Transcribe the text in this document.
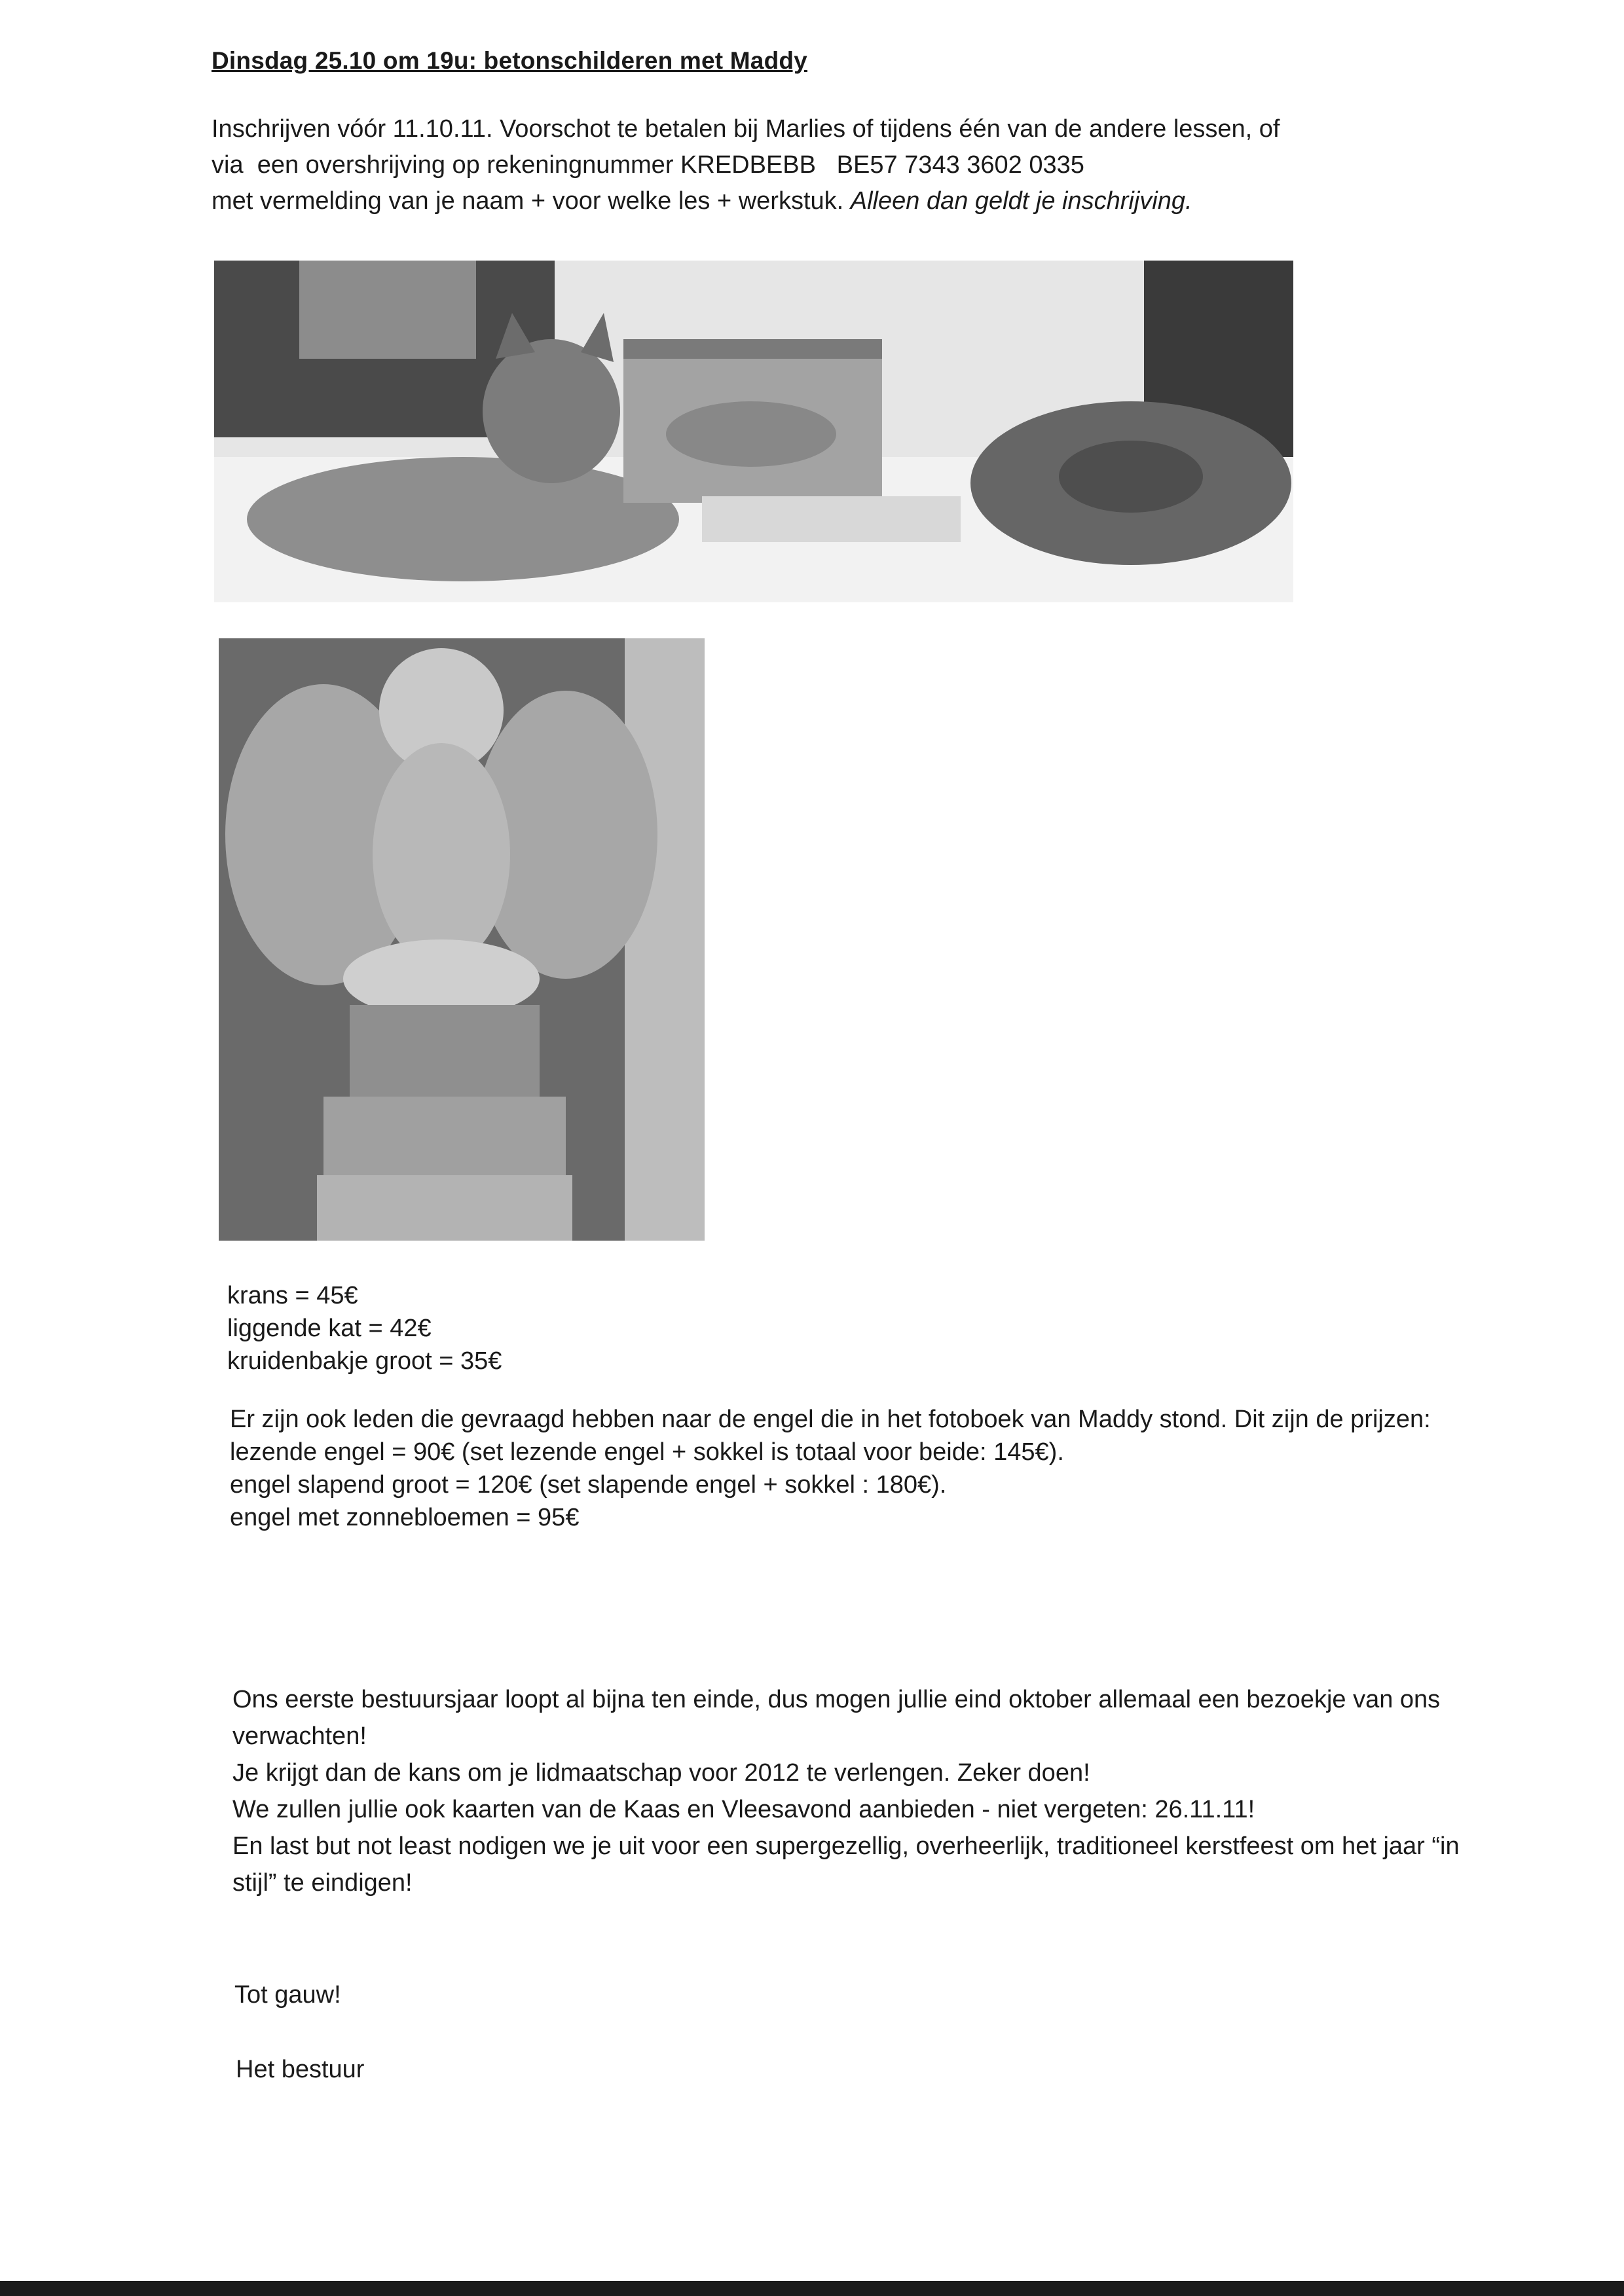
Dinsdag 25.10 om 19u: betonschilderen met Maddy

Inschrijven vóór 11.10.11. Voorschot te betalen bij Marlies of tijdens één van de andere lessen, of
via  een overshrijving op rekeningnummer KREDBEBB   BE57 7343 3602 0335
met vermelding van je naam + voor welke les + werkstuk. Alleen dan geldt je inschrijving.

krans = 45€
liggende kat = 42€
kruidenbakje groot = 35€

Er zijn ook leden die gevraagd hebben naar de engel die in het fotoboek van Maddy stond. Dit zijn de prijzen:
lezende engel = 90€ (set lezende engel + sokkel is totaal voor beide: 145€).
engel slapend groot = 120€ (set slapende engel + sokkel : 180€).
engel met zonnebloemen = 95€

Ons eerste bestuursjaar loopt al bijna ten einde, dus mogen jullie eind oktober allemaal een bezoekje van ons verwachten!
Je krijgt dan de kans om je lidmaatschap voor 2012 te verlengen. Zeker doen!
We zullen jullie ook kaarten van de Kaas en Vleesavond aanbieden - niet vergeten: 26.11.11!
En last but not least nodigen we je uit voor een supergezellig, overheerlijk, traditioneel kerstfeest om het jaar “in stijl” te eindigen!

Tot gauw!

Het bestuur
